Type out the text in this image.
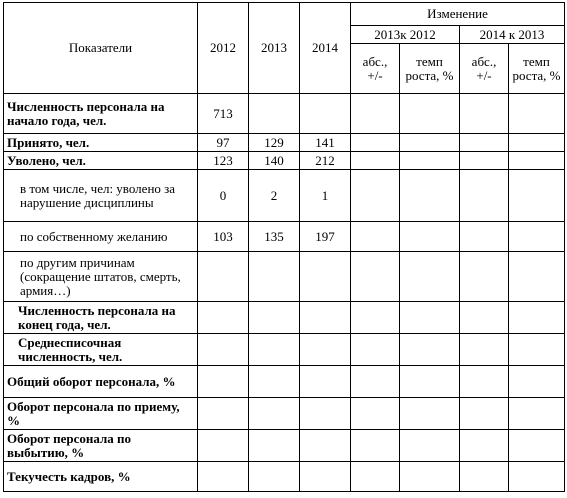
Показатели	2012	2013	2014	Изменение			
				2013к 2012		2014 к 2013	
				абс., +/-	темп роста, %	абс., +/-	темп роста, %
Численность персонала на начало года, чел.	713						
Принято, чел.	97	129	141				
Уволено, чел.	123	140	212				
в том числе, чел: уволено за нарушение дисциплины	0	2	1				
по собственному желанию	103	135	197				
по другим причинам (сокращение штатов, смерть, армия…)							
Численность персонала на конец года, чел.							
Среднесписочная численность, чел.							
Общий оборот персонала, %							
Оборот персонала по приему, %							
Оборот персонала по выбытию, %							
Текучесть кадров, %							
